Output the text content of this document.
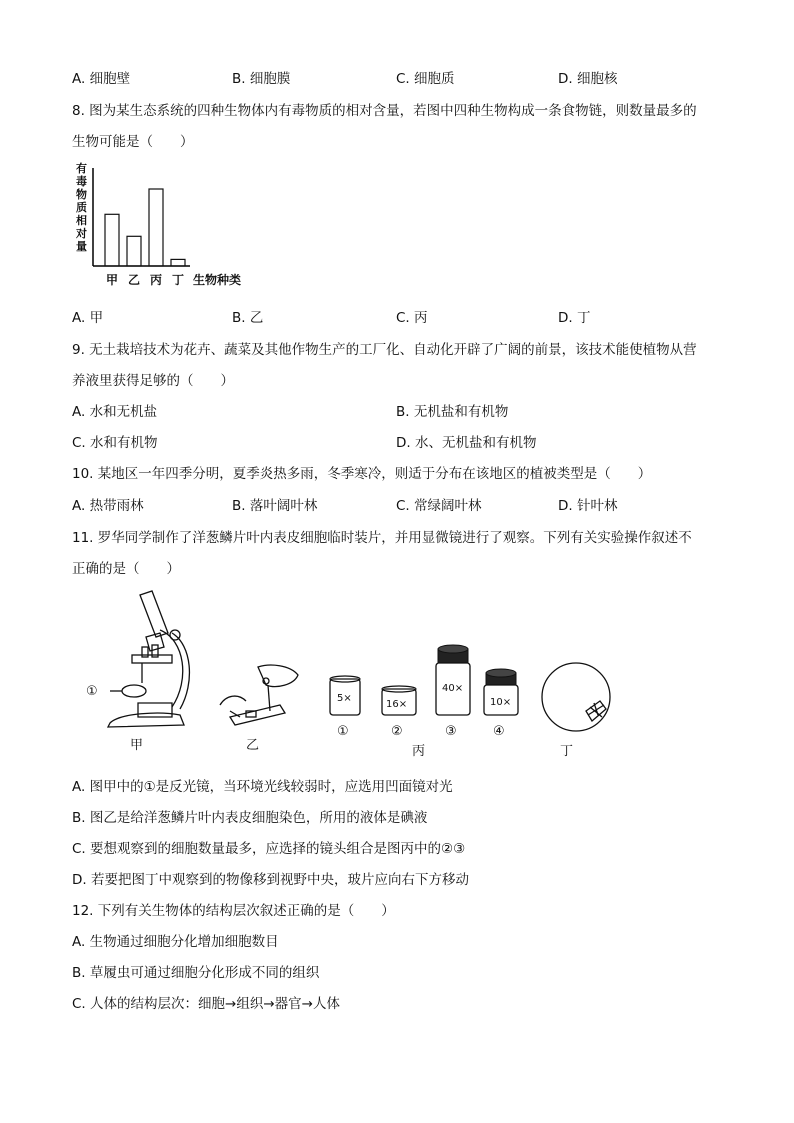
A. 细胞壁	B. 细胞膜	C. 细胞质	D. 细胞核
8. 图为某生态系统的四种生物体内有毒物质的相对含量，若图中四种生物构成一条食物链，则数量最多的
生物可能是（　　）
有
毒
物
质
相
对
量
甲 乙 丙 丁 生物种类
A. 甲	B. 乙	C. 丙	D. 丁
9. 无土栽培技术为花卉、蔬菜及其他作物生产的工厂化、自动化开辟了广阔的前景，该技术能使植物从营
养液里获得足够的（　　）
A. 水和无机盐	B. 无机盐和有机物
C. 水和有机物	D. 水、无机盐和有机物
10. 某地区一年四季分明，夏季炎热多雨，冬季寒冷，则适于分布在该地区的植被类型是（　　）
A. 热带雨林	B. 落叶阔叶林	C. 常绿阔叶林	D. 针叶林
11. 罗华同学制作了洋葱鳞片叶内表皮细胞临时装片，并用显微镜进行了观察。下列有关实验操作叙述不
正确的是（　　）
①
甲	乙
5×
①
16×
②
40×
③
10×
④
丙	丁
A. 图甲中的①是反光镜，当环境光线较弱时，应选用凹面镜对光
B. 图乙是给洋葱鳞片叶内表皮细胞染色，所用的液体是碘液
C. 要想观察到的细胞数量最多，应选择的镜头组合是图丙中的②③
D. 若要把图丁中观察到的物像移到视野中央，玻片应向右下方移动
12. 下列有关生物体的结构层次叙述正确的是（　　）
A. 生物通过细胞分化增加细胞数目
B. 草履虫可通过细胞分化形成不同的组织
C. 人体的结构层次：细胞→组织→器官→人体
